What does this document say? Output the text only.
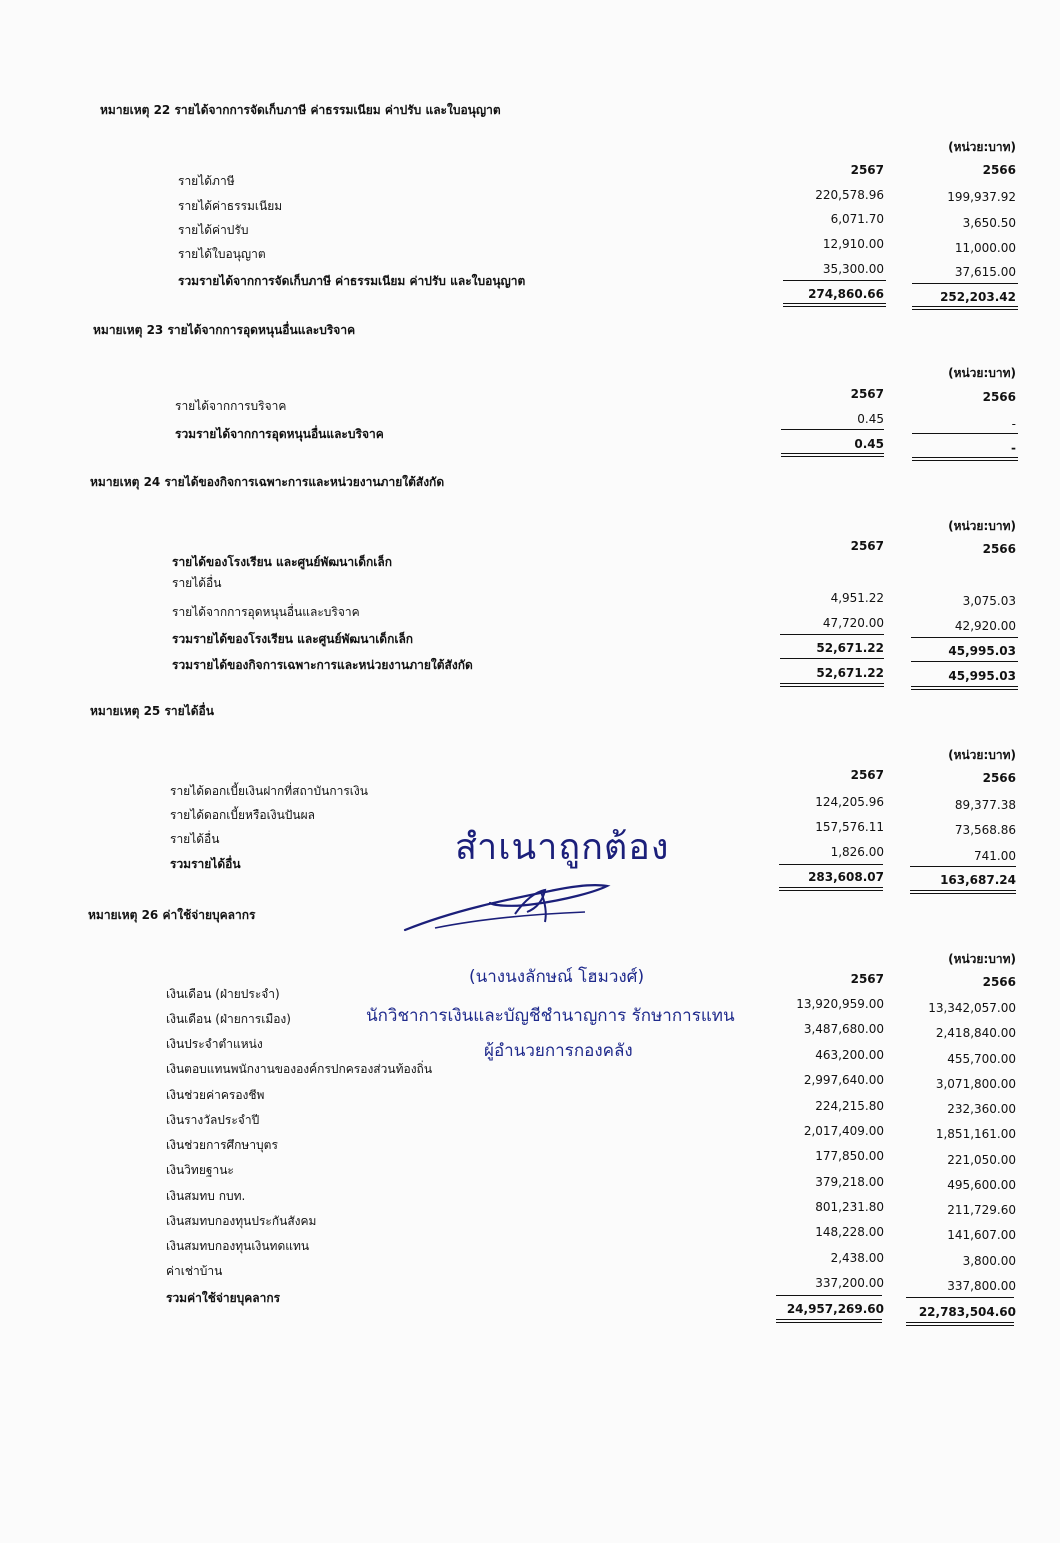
หมายเหตุ 22 รายได้จากการจัดเก็บภาษี ค่าธรรมเนียม ค่าปรับ และใบอนุญาต
(หน่วย:บาท)
2567	2566
รายได้ภาษี
220,578.96	199,937.92
รายได้ค่าธรรมเนียม
6,071.70	3,650.50
รายได้ค่าปรับ
12,910.00	11,000.00
รายได้ใบอนุญาต
35,300.00	37,615.00
รวมรายได้จากการจัดเก็บภาษี ค่าธรรมเนียม ค่าปรับ และใบอนุญาต
274,860.66	252,203.42
หมายเหตุ 23 รายได้จากการอุดหนุนอื่นและบริจาค
(หน่วย:บาท)
2567	2566
รายได้จากการบริจาค
0.45	-
รวมรายได้จากการอุดหนุนอื่นและบริจาค
0.45	-
หมายเหตุ 24 รายได้ของกิจการเฉพาะการและหน่วยงานภายใต้สังกัด
(หน่วย:บาท)
2567	2566
รายได้ของโรงเรียน และศูนย์พัฒนาเด็กเล็ก
รายได้อื่น
4,951.22	3,075.03
รายได้จากการอุดหนุนอื่นและบริจาค
47,720.00	42,920.00
รวมรายได้ของโรงเรียน และศูนย์พัฒนาเด็กเล็ก
52,671.22	45,995.03
รวมรายได้ของกิจการเฉพาะการและหน่วยงานภายใต้สังกัด
52,671.22	45,995.03
หมายเหตุ 25 รายได้อื่น
(หน่วย:บาท)
2567	2566
รายได้ดอกเบี้ยเงินฝากที่สถาบันการเงิน
124,205.96	89,377.38
รายได้ดอกเบี้ยหรือเงินปันผล
157,576.11	73,568.86
รายได้อื่น
1,826.00	741.00
รวมรายได้อื่น
283,608.07	163,687.24
หมายเหตุ 26 ค่าใช้จ่ายบุคลากร
(หน่วย:บาท)
2567	2566
เงินเดือน (ฝ่ายประจำ)
13,920,959.00	13,342,057.00
เงินเดือน (ฝ่ายการเมือง)
3,487,680.00	2,418,840.00
เงินประจำตำแหน่ง
463,200.00	455,700.00
เงินตอบแทนพนักงานขององค์กรปกครองส่วนท้องถิ่น
2,997,640.00	3,071,800.00
เงินช่วยค่าครองชีพ
224,215.80	232,360.00
เงินรางวัลประจำปี
2,017,409.00	1,851,161.00
เงินช่วยการศึกษาบุตร
177,850.00	221,050.00
เงินวิทยฐานะ
379,218.00	495,600.00
เงินสมทบ กบท.
801,231.80	211,729.60
เงินสมทบกองทุนประกันสังคม
148,228.00	141,607.00
เงินสมทบกองทุนเงินทดแทน
2,438.00	3,800.00
ค่าเช่าบ้าน
337,200.00	337,800.00
รวมค่าใช้จ่ายบุคลากร
24,957,269.60	22,783,504.60
สำเนาถูกต้อง
(นางนงลักษณ์ โฮมวงศ์)
นักวิชาการเงินและบัญชีชำนาญการ รักษาการแทน
ผู้อำนวยการกองคลัง
